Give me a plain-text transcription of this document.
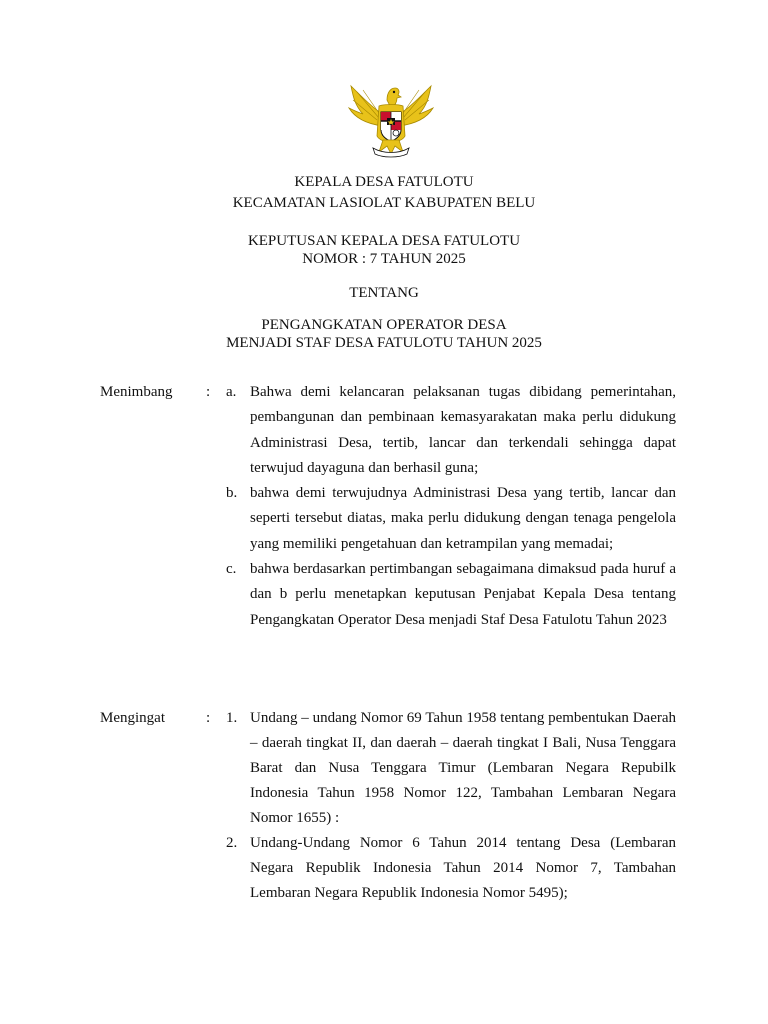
KEPALA DESA FATULOTU
KECAMATAN LASIOLAT KABUPATEN BELU
KEPUTUSAN KEPALA DESA FATULOTU
NOMOR : 7 TAHUN 2025
TENTANG
PENGANGKATAN OPERATOR DESA
MENJADI STAF DESA FATULOTU TAHUN 2025
Menimbang : a. Bahwa demi kelancaran pelaksanan tugas dibidang pemerintahan, pembangunan dan pembinaan kemasyarakatan maka perlu didukung Administrasi Desa, tertib, lancar dan terkendali sehingga dapat terwujud dayaguna dan berhasil guna;
b. bahwa demi terwujudnya Administrasi Desa yang tertib, lancar dan seperti tersebut diatas, maka perlu didukung dengan tenaga pengelola yang memiliki pengetahuan dan ketrampilan yang memadai;
c. bahwa berdasarkan pertimbangan sebagaimana dimaksud pada huruf a dan b perlu menetapkan keputusan Penjabat Kepala Desa tentang Pengangkatan Operator Desa menjadi Staf Desa Fatulotu Tahun 2023
Mengingat	: 1. Undang – undang Nomor 69 Tahun 1958 tentang pembentukan Daerah – daerah tingkat II, dan daerah – daerah tingkat I Bali, Nusa Tenggara Barat dan Nusa Tenggara Timur (Lembaran Negara Repubilk Indonesia Tahun 1958 Nomor 122, Tambahan Lembaran Negara Nomor 1655) :
2. Undang-Undang Nomor 6 Tahun 2014 tentang Desa (Lembaran Negara Republik Indonesia Tahun 2014 Nomor 7, Tambahan Lembaran Negara Republik Indonesia Nomor 5495);
